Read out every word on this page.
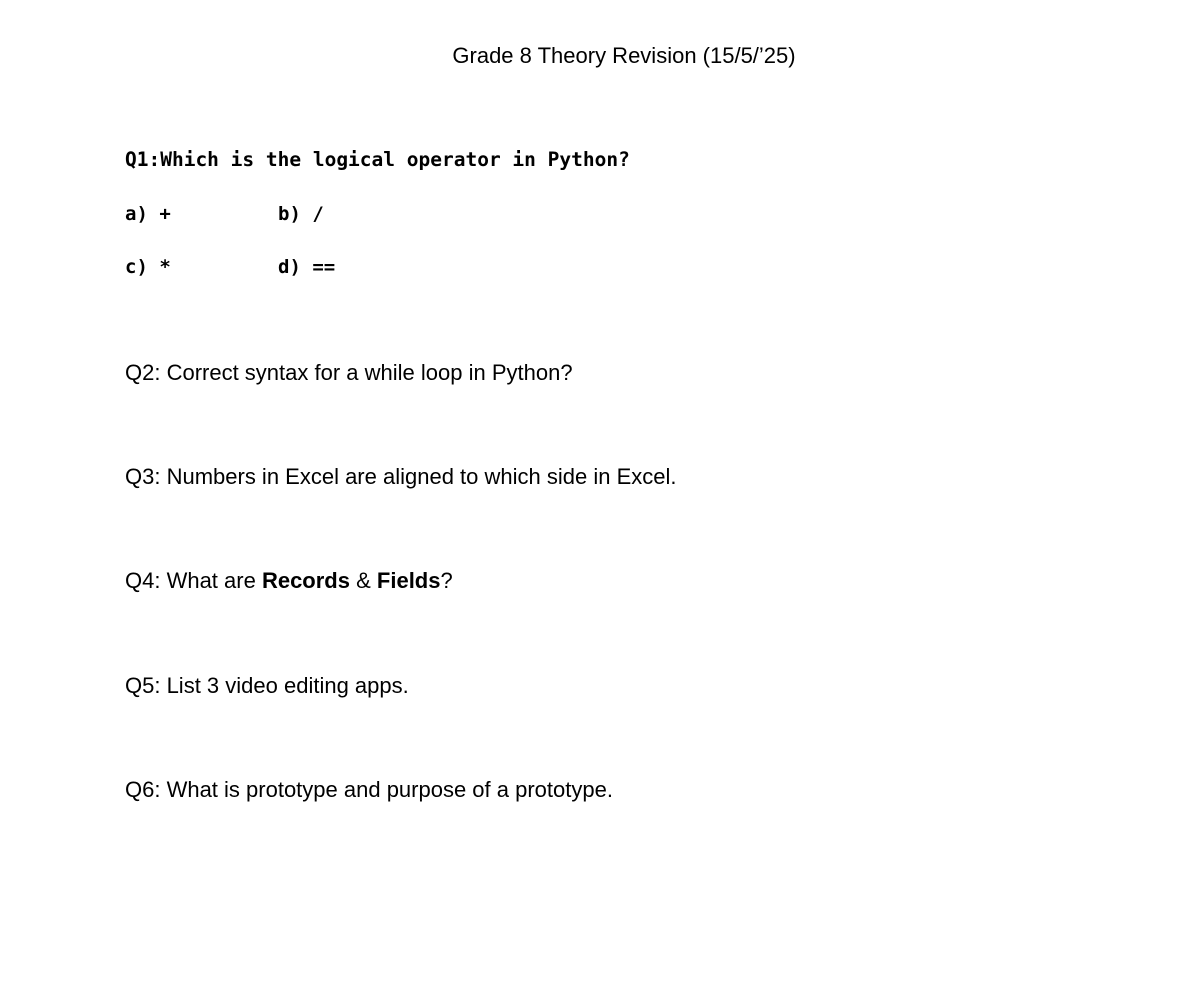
Grade 8 Theory Revision (15/5/’25)
Q1:Which is the logical operator in Python?
a) +	b) /
c) *	d) ==
Q2: Correct syntax for a while loop in Python?
Q3: Numbers in Excel are aligned to which side in Excel.
Q4: What are Records & Fields?
Q5: List 3 video editing apps.
Q6: What is prototype and purpose of a prototype.
